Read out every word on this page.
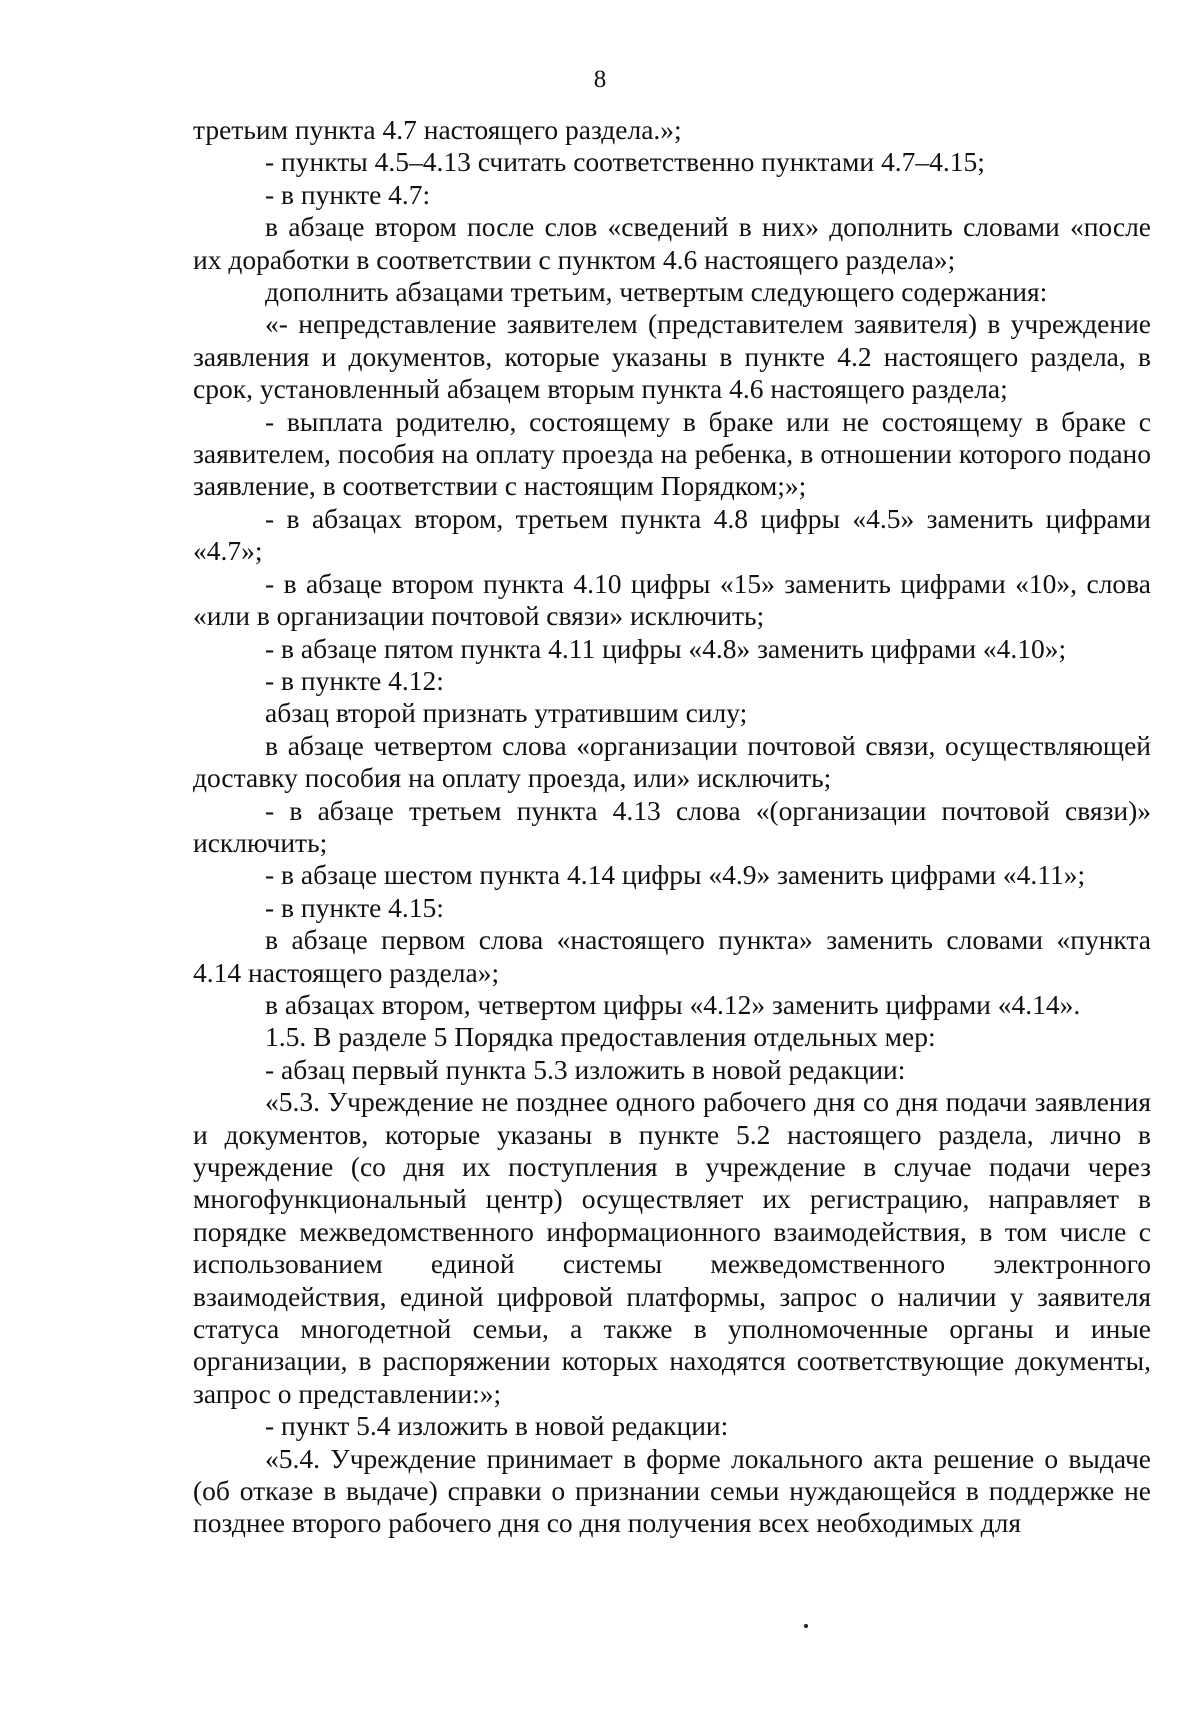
8

третьим пункта 4.7 настоящего раздела.»;

- пункты 4.5–4.13 считать соответственно пунктами 4.7–4.15;

- в пункте 4.7:

в абзаце втором после слов «сведений в них» дополнить словами «после их доработки в соответствии с пунктом 4.6 настоящего раздела»;

дополнить абзацами третьим, четвертым следующего содержания:

«- непредставление заявителем (представителем заявителя) в учреждение заявления и документов, которые указаны в пункте 4.2 настоящего раздела, в срок, установленный абзацем вторым пункта 4.6 настоящего раздела;

- выплата родителю, состоящему в браке или не состоящему в браке с заявителем, пособия на оплату проезда на ребенка, в отношении которого подано заявление, в соответствии с настоящим Порядком;»;

- в абзацах втором, третьем пункта 4.8 цифры «4.5» заменить цифрами «4.7»;

- в абзаце втором пункта 4.10 цифры «15» заменить цифрами «10», слова «или в организации почтовой связи» исключить;

- в абзаце пятом пункта 4.11 цифры «4.8» заменить цифрами «4.10»;

- в пункте 4.12:

абзац второй признать утратившим силу;

в абзаце четвертом слова «организации почтовой связи, осуществляющей доставку пособия на оплату проезда, или» исключить;

- в абзаце третьем пункта 4.13 слова «(организации почтовой связи)» исключить;

- в абзаце шестом пункта 4.14 цифры «4.9» заменить цифрами «4.11»;

- в пункте 4.15:

в абзаце первом слова «настоящего пункта» заменить словами «пункта 4.14 настоящего раздела»;

в абзацах втором, четвертом цифры «4.12» заменить цифрами «4.14».

1.5. В разделе 5 Порядка предоставления отдельных мер:

- абзац первый пункта 5.3 изложить в новой редакции:

«5.3. Учреждение не позднее одного рабочего дня со дня подачи заявления и документов, которые указаны в пункте 5.2 настоящего раздела, лично в учреждение (со дня их поступления в учреждение в случае подачи через многофункциональный центр) осуществляет их регистрацию, направляет в порядке межведомственного информационного взаимодействия, в том числе с использованием единой системы межведомственного электронного взаимодействия, единой цифровой платформы, запрос о наличии у заявителя статуса многодетной семьи, а также в уполномоченные органы и иные организации, в распоряжении которых находятся соответствующие документы, запрос о представлении:»;

- пункт 5.4 изложить в новой редакции:

«5.4. Учреждение принимает в форме локального акта решение о выдаче (об отказе в выдаче) справки о признании семьи нуждающейся в поддержке не позднее второго рабочего дня со дня получения всех необходимых для
